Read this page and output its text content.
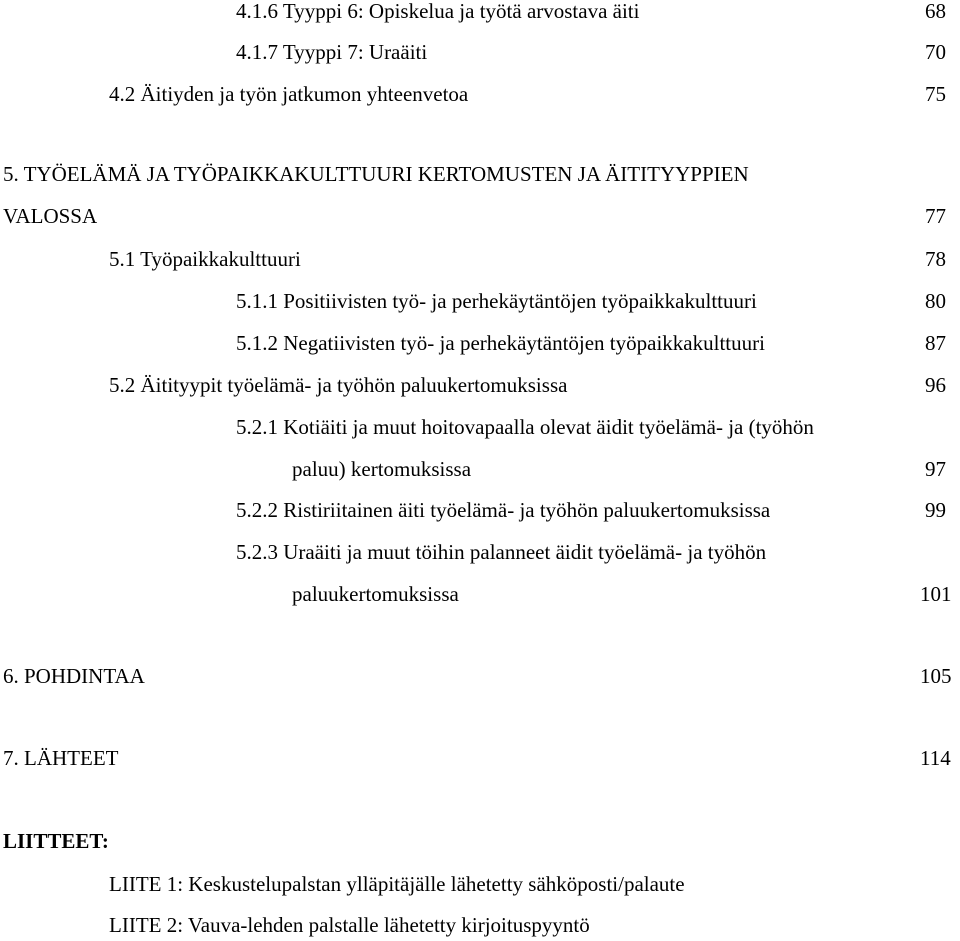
4.1.6 Tyyppi 6: Opiskelua ja työtä arvostava äiti	68
4.1.7 Tyyppi 7: Uraäiti	70
4.2 Äitiyden ja työn jatkumon yhteenvetoa	75
5. TYÖELÄMÄ JA TYÖPAIKKAKULTTUURI KERTOMUSTEN JA ÄITITYYPPIEN
VALOSSA	77
5.1 Työpaikkakulttuuri	78
5.1.1 Positiivisten työ- ja perhekäytäntöjen työpaikkakulttuuri	80
5.1.2 Negatiivisten työ- ja perhekäytäntöjen työpaikkakulttuuri	87
5.2 Äitityypit työelämä- ja työhön paluukertomuksissa	96
5.2.1 Kotiäiti ja muut hoitovapaalla olevat äidit työelämä- ja (työhön
paluu) kertomuksissa	97
5.2.2 Ristiriitainen äiti työelämä- ja työhön paluukertomuksissa	99
5.2.3 Uraäiti ja muut töihin palanneet äidit työelämä- ja työhön
paluukertomuksissa	101
6. POHDINTAA	105
7. LÄHTEET	114
LIITTEET:
LIITE 1: Keskustelupalstan ylläpitäjälle lähetetty sähköposti/palaute
LIITE 2: Vauva-lehden palstalle lähetetty kirjoituspyyntö
